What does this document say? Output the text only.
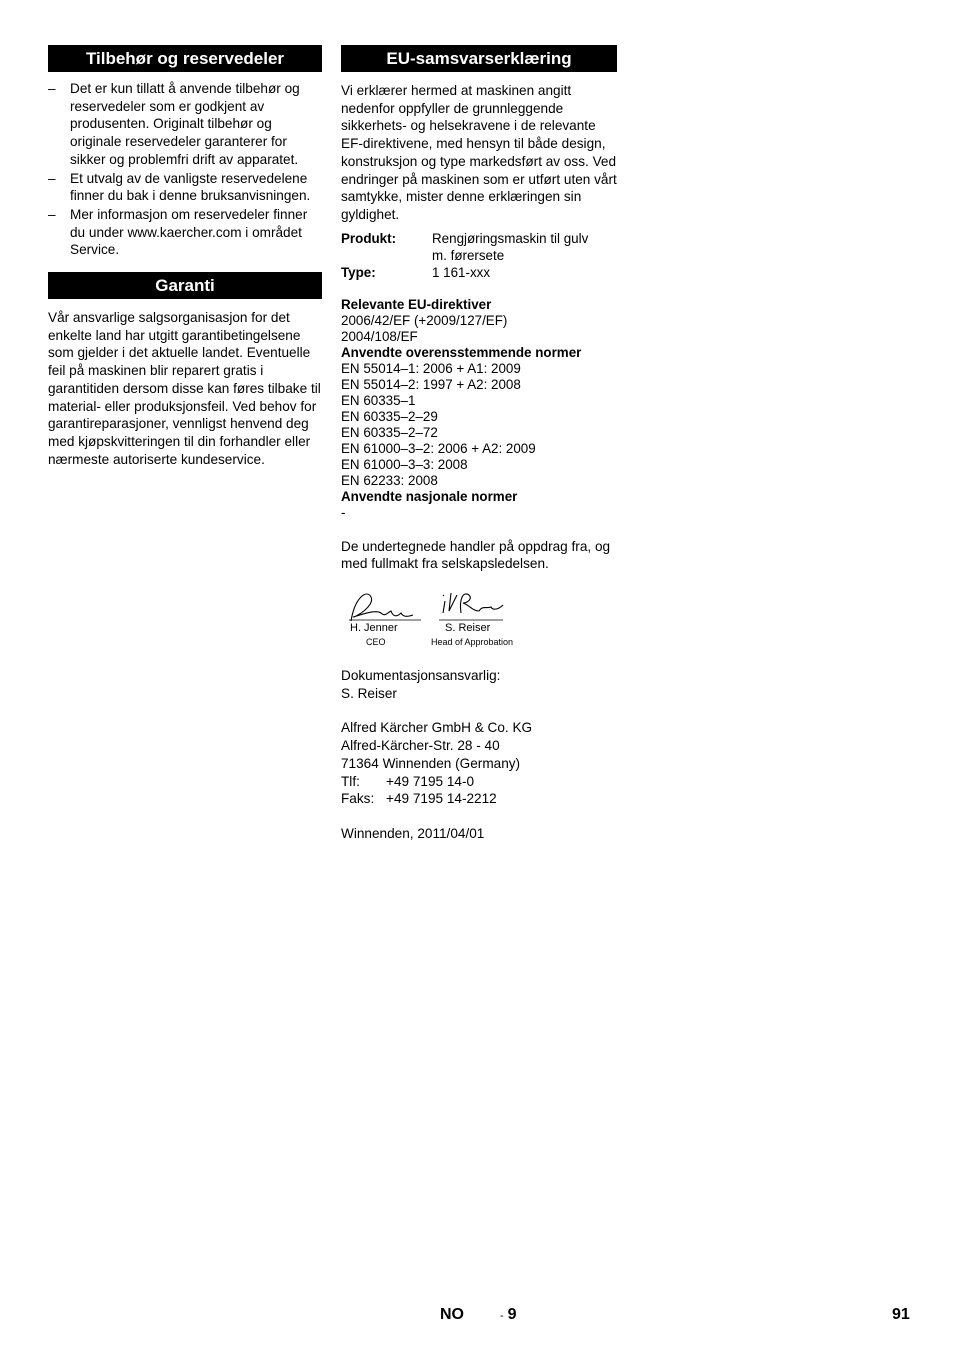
Tilbehør og reservedeler
– Det er kun tillatt å anvende tilbehør og reservedeler som er godkjent av produsenten. Originalt tilbehør og originale reservedeler garanterer for sikker og problemfri drift av apparatet.
– Et utvalg av de vanligste reservedelene finner du bak i denne bruksanvisningen.
– Mer informasjon om reservedeler finner du under www.kaercher.com i området Service.
Garanti

Vår ansvarlige salgsorganisasjon for det enkelte land har utgitt garantibetingelsene som gjelder i det aktuelle landet. Eventuelle feil på maskinen blir reparert gratis i garantitiden dersom disse kan føres tilbake til material- eller produksjonsfeil. Ved behov for garantireparasjoner, vennligst henvend deg med kjøpskvitteringen til din forhandler eller nærmeste autoriserte kundeservice.

EU-samsvarserklæring

Vi erklærer hermed at maskinen angitt nedenfor oppfyller de grunnleggende sikkerhets- og helsekravene i de relevante EF-direktivene, med hensyn til både design, konstruksjon og type markedsført av oss. Ved endringer på maskinen som er utført uten vårt samtykke, mister denne erklæringen sin gyldighet.

Produkt:	Rengjøringsmaskin til gulv
m. førersete
Type:	1 161-xxx
Relevante EU-direktiver
2006/42/EF (+2009/127/EF)
2004/108/EF
Anvendte overensstemmende normer
EN 55014–1: 2006 + A1: 2009
EN 55014–2: 1997 + A2: 2008
EN 60335–1
EN 60335–2–29
EN 60335–2–72
EN 61000–3–2: 2006 + A2: 2009
EN 61000–3–3: 2008
EN 62233: 2008
Anvendte nasjonale normer
-

De undertegnede handler på oppdrag fra, og med fullmakt fra selskapsledelsen.

H. Jenner
CEO
S. Reiser
Head of Approbation
Dokumentasjonsansvarlig:
S. Reiser
Alfred Kärcher GmbH & Co. KG
Alfred-Kärcher-Str. 28 - 40
71364 Winnenden (Germany)
Tlf:	+49 7195 14-0
Faks: +49 7195 14-2212
Winnenden, 2011/04/01
NO	- 9	91
